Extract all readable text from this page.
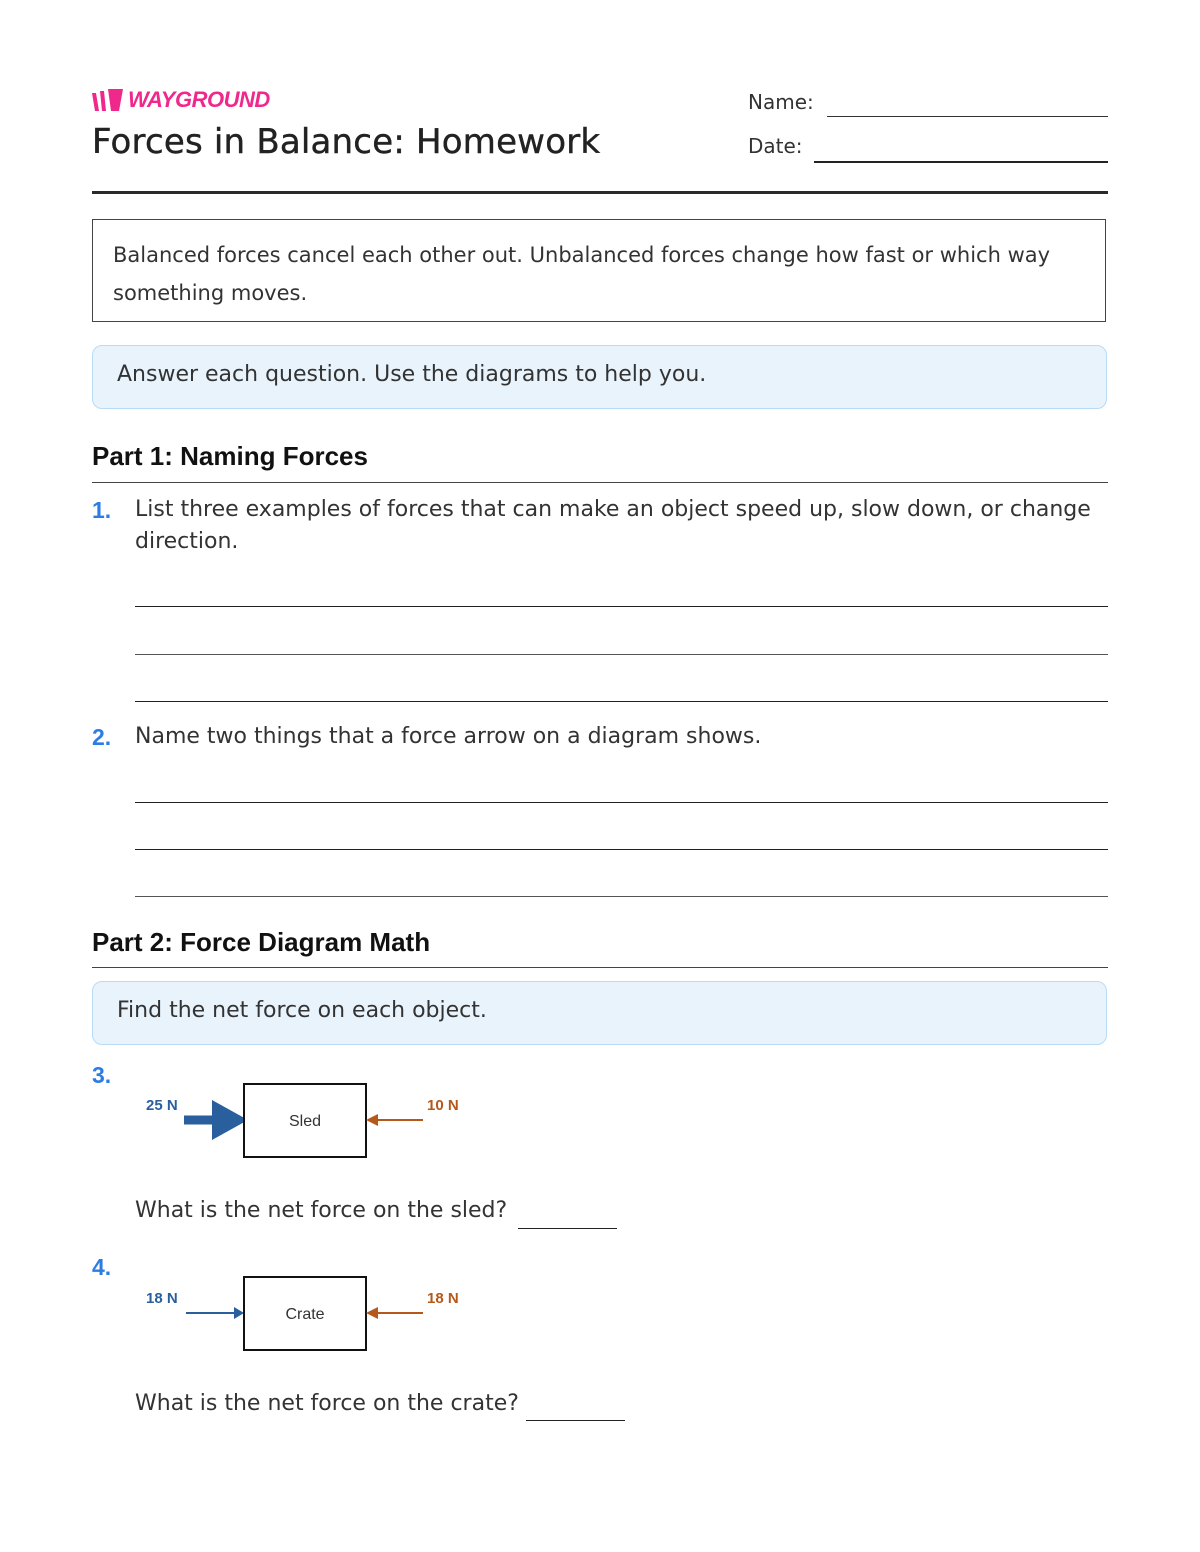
WAYGROUND
Forces in Balance: Homework
Name:
Date:
Balanced forces cancel each other out. Unbalanced forces change how fast or which way something moves.
Answer each question. Use the diagrams to help you.
Part 1: Naming Forces
1. List three examples of forces that can make an object speed up, slow down, or change direction.
2. Name two things that a force arrow on a diagram shows.
Part 2: Force Diagram Math
Find the net force on each object.
3.
25 N
Sled
10 N
What is the net force on the sled?
4.
18 N
Crate
18 N
What is the net force on the crate?
